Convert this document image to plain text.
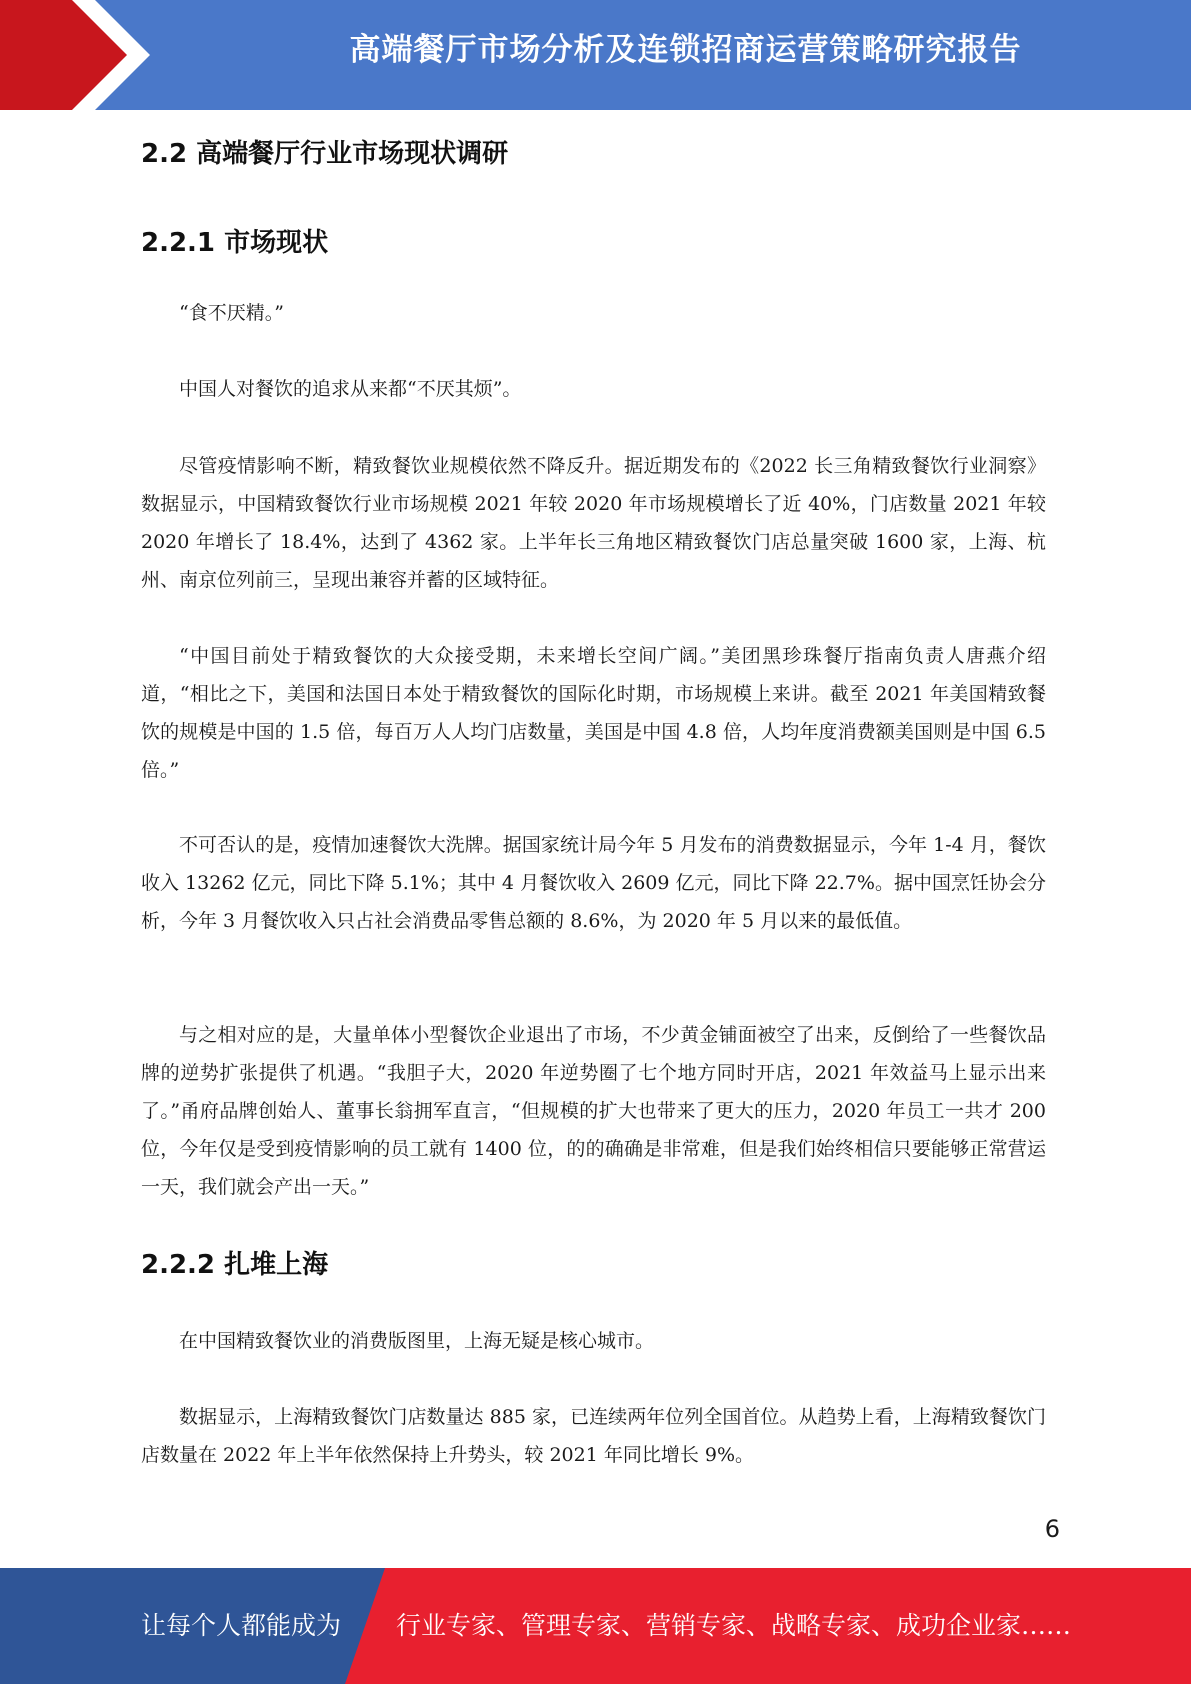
高端餐厅市场分析及连锁招商运营策略研究报告
2.2 高端餐厅行业市场现状调研
2.2.1 市场现状

“食不厌精。”

中国人对餐饮的追求从来都“不厌其烦”。

尽管疫情影响不断，精致餐饮业规模依然不降反升。据近期发布的《2022 长三角精致餐饮行业洞察》数据显示，中国精致餐饮行业市场规模 2021 年较 2020 年市场规模增长了近 40%，门店数量 2021 年较 2020 年增长了 18.4%，达到了 4362 家。上半年长三角地区精致餐饮门店总量突破 1600 家，上海、杭州、南京位列前三，呈现出兼容并蓄的区域特征。

“中国目前处于精致餐饮的大众接受期，未来增长空间广阔。”美团黑珍珠餐厅指南负责人唐燕介绍道，“相比之下，美国和法国日本处于精致餐饮的国际化时期，市场规模上来讲。截至 2021 年美国精致餐饮的规模是中国的 1.5 倍，每百万人人均门店数量，美国是中国 4.8 倍，人均年度消费额美国则是中国 6.5 倍。”

不可否认的是，疫情加速餐饮大洗牌。据国家统计局今年 5 月发布的消费数据显示，今年 1-4 月，餐饮收入 13262 亿元，同比下降 5.1%；其中 4 月餐饮收入 2609 亿元，同比下降 22.7%。据中国烹饪协会分析，今年 3 月餐饮收入只占社会消费品零售总额的 8.6%，为 2020 年 5 月以来的最低值。

与之相对应的是，大量单体小型餐饮企业退出了市场，不少黄金铺面被空了出来，反倒给了一些餐饮品牌的逆势扩张提供了机遇。“我胆子大，2020 年逆势圈了七个地方同时开店，2021 年效益马上显示出来了。”甬府品牌创始人、董事长翁拥军直言，“但规模的扩大也带来了更大的压力，2020 年员工一共才 200 位，今年仅是受到疫情影响的员工就有 1400 位，的的确确是非常难，但是我们始终相信只要能够正常营运一天，我们就会产出一天。”

2.2.2 扎堆上海

在中国精致餐饮业的消费版图里，上海无疑是核心城市。

数据显示，上海精致餐饮门店数量达 885 家，已连续两年位列全国首位。从趋势上看，上海精致餐饮门店数量在 2022 年上半年依然保持上升势头，较 2021 年同比增长 9%。

6
让每个人都能成为 行业专家、管理专家、营销专家、战略专家、成功企业家……
